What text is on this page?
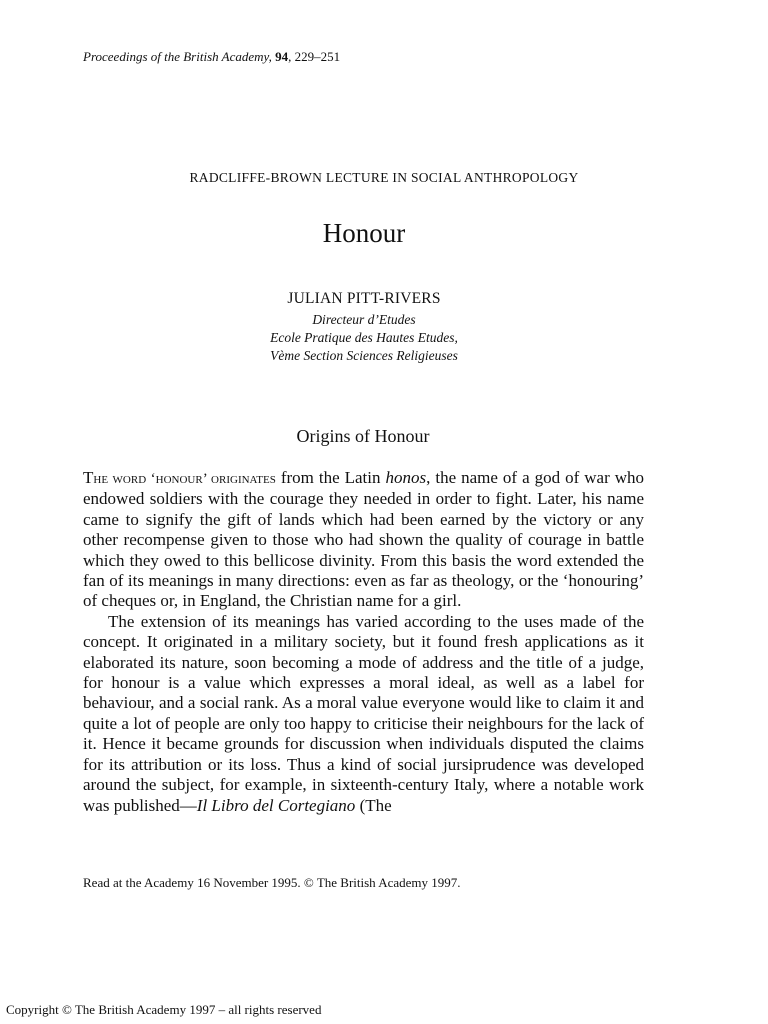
Proceedings of the British Academy, 94, 229–251
RADCLIFFE-BROWN LECTURE IN SOCIAL ANTHROPOLOGY
Honour
JULIAN PITT-RIVERS
Directeur d’Etudes
Ecole Pratique des Hautes Etudes,
Vème Section Sciences Religieuses
Origins of Honour

The word ‘honour’ originates from the Latin honos, the name of a god of war who endowed soldiers with the courage they needed in order to fight. Later, his name came to signify the gift of lands which had been earned by the victory or any other recompense given to those who had shown the quality of courage in battle which they owed to this bellicose divinity. From this basis the word extended the fan of its meanings in many directions: even as far as theology, or the ‘honouring’ of cheques or, in England, the Christian name for a girl.

The extension of its meanings has varied according to the uses made of the concept. It originated in a military society, but it found fresh applications as it elaborated its nature, soon becoming a mode of address and the title of a judge, for honour is a value which expresses a moral ideal, as well as a label for behaviour, and a social rank. As a moral value everyone would like to claim it and quite a lot of people are only too happy to criticise their neighbours for the lack of it. Hence it became grounds for discussion when individuals disputed the claims for its attribution or its loss. Thus a kind of social jursiprudence was developed around the subject, for example, in sixteenth-century Italy, where a notable work was published—Il Libro del Cortegiano (The

Read at the Academy 16 November 1995. © The British Academy 1997.
Copyright © The British Academy 1997 – all rights reserved
